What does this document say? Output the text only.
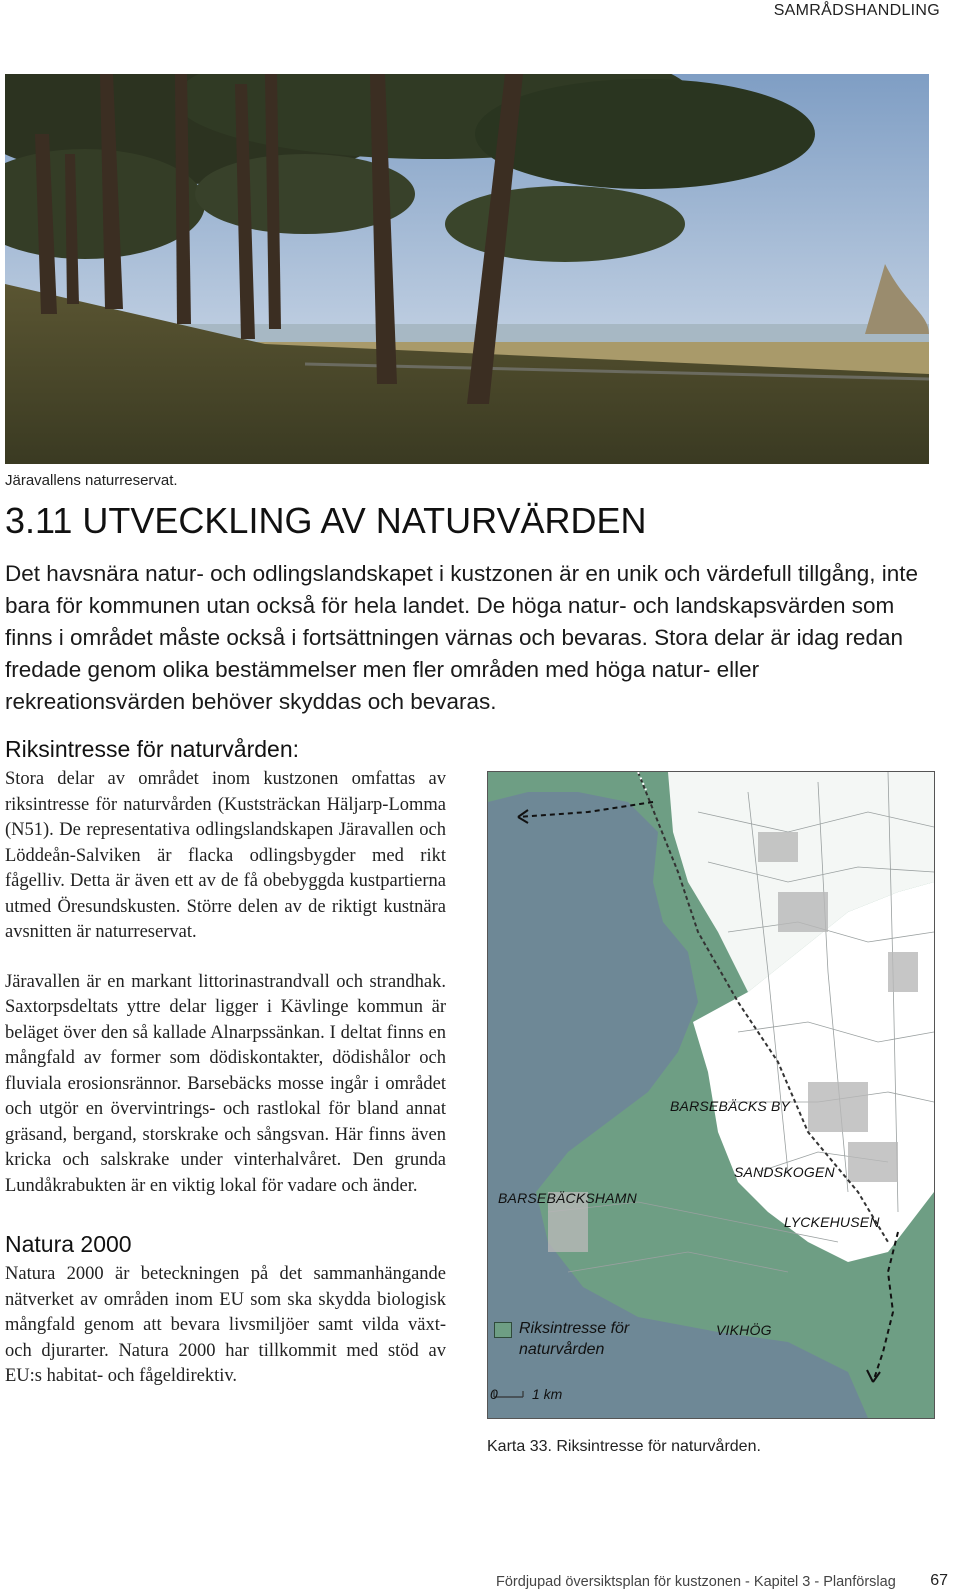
SAMRÅDSHANDLING
Järavallens naturreservat.
3.11 UTVECKLING AV NATURVÄRDEN

Det havsnära natur- och odlingslandskapet i kustzonen är en unik och värdefull tillgång, inte bara för kommunen utan också för hela landet. De höga natur- och landskapsvärden som finns i området måste också i fortsättningen värnas och bevaras. Stora delar är idag redan fredade genom olika bestämmelser men fler områden med höga natur- eller rekreationsvärden behöver skyddas och bevaras.

Riksintresse för naturvården:

Stora delar av området inom kustzonen omfattas av riksintresse för naturvården (Kuststräckan Häljarp-Lomma (N51). De representativa odlingslandskapen Järavallen och Löddeån-Salviken är flacka odlingsbygder med rikt fågelliv. Detta är även ett av de få obebyggda kustpartierna utmed Öresundskusten. Större delen av de riktigt kustnära avsnitten är naturreservat.

Järavallen är en markant littorinastrandvall och strandhak. Saxtorpsdeltats yttre delar ligger i Kävlinge kommun är beläget över den så kallade Alnarpssänkan. I deltat finns en mångfald av former som dödiskontakter, dödishålor och fluviala erosionsrännor. Barsebäcks mosse ingår i området och utgör en övervintrings- och rastlokal för bland annat gräsand, bergand, storskrake och sångsvan. Här finns även kricka och salskrake under vinterhalvåret. Den grunda Lundåkrabukten är en viktig lokal för vadare och änder.

Natura 2000

Natura 2000 är beteckningen på det sammanhängande nätverket av områden inom EU som ska skydda biologisk mångfald genom att bevara livsmiljöer samt vilda växt- och djurarter. Natura 2000 har tillkommit med stöd av EU:s habitat- och fågeldirektiv.

BARSEBÄCKS BY
SANDSKOGEN
BARSEBÄCKSHAMN
LYCKEHUSEN
VIKHÖG
Riksintresse för naturvården
0 1 km
Karta 33. Riksintresse för naturvården.
Fördjupad översiktsplan för kustzonen - Kapitel 3 - Planförslag 67
